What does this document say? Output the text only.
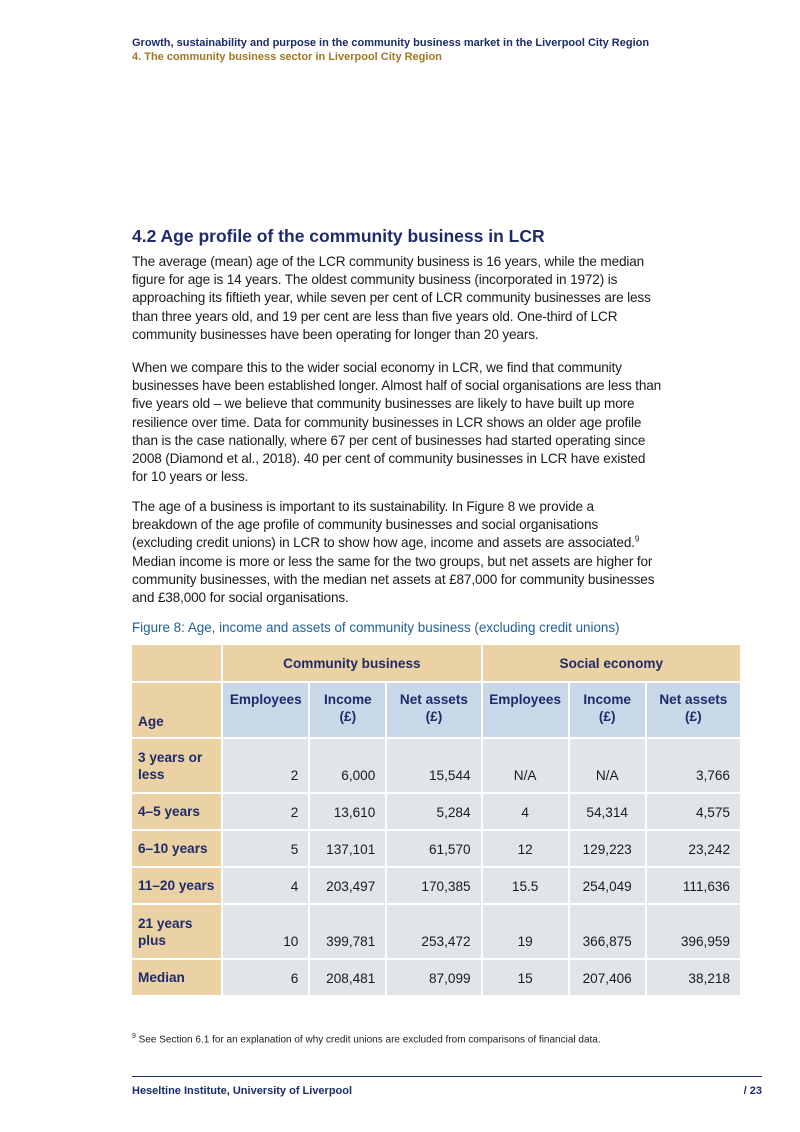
Growth, sustainability and purpose in the community business market in the Liverpool City Region
4. The community business sector in Liverpool City Region
4.2 Age profile of the community business in LCR

The average (mean) age of the LCR community business is 16 years, while the median figure for age is 14 years. The oldest community business (incorporated in 1972) is approaching its fiftieth year, while seven per cent of LCR community businesses are less than three years old, and 19 per cent are less than five years old. One-third of LCR community businesses have been operating for longer than 20 years.

When we compare this to the wider social economy in LCR, we find that community businesses have been established longer. Almost half of social organisations are less than five years old – we believe that community businesses are likely to have built up more resilience over time. Data for community businesses in LCR shows an older age profile than is the case nationally, where 67 per cent of businesses had started operating since 2008 (Diamond et al., 2018). 40 per cent of community businesses in LCR have existed for 10 years or less.

The age of a business is important to its sustainability. In Figure 8 we provide a breakdown of the age profile of community businesses and social organisations (excluding credit unions) in LCR to show how age, income and assets are associated.$^9$ Median income is more or less the same for the two groups, but net assets are higher for community businesses, with the median net assets at £87,000 for community businesses and £38,000 for social organisations.

Figure 8: Age, income and assets of community business (excluding credit unions)
	Community business			Social economy		
Age	Employees	Income (£)	Net assets (£)	Employees	Income (£)	Net assets (£)
3 years or less	2	6,000	15,544	N/A	N/A	3,766
4–5 years	2	13,610	5,284	4	54,314	4,575
6–10 years	5	137,101	61,570	12	129,223	23,242
11–20 years	4	203,497	170,385	15.5	254,049	111,636
21 years plus	10	399,781	253,472	19	366,875	396,959
Median	6	208,481	87,099	15	207,406	38,218
$^9$ See Section 6.1 for an explanation of why credit unions are excluded from comparisons of financial data.
Heseltine Institute, University of Liverpool	/ 23
